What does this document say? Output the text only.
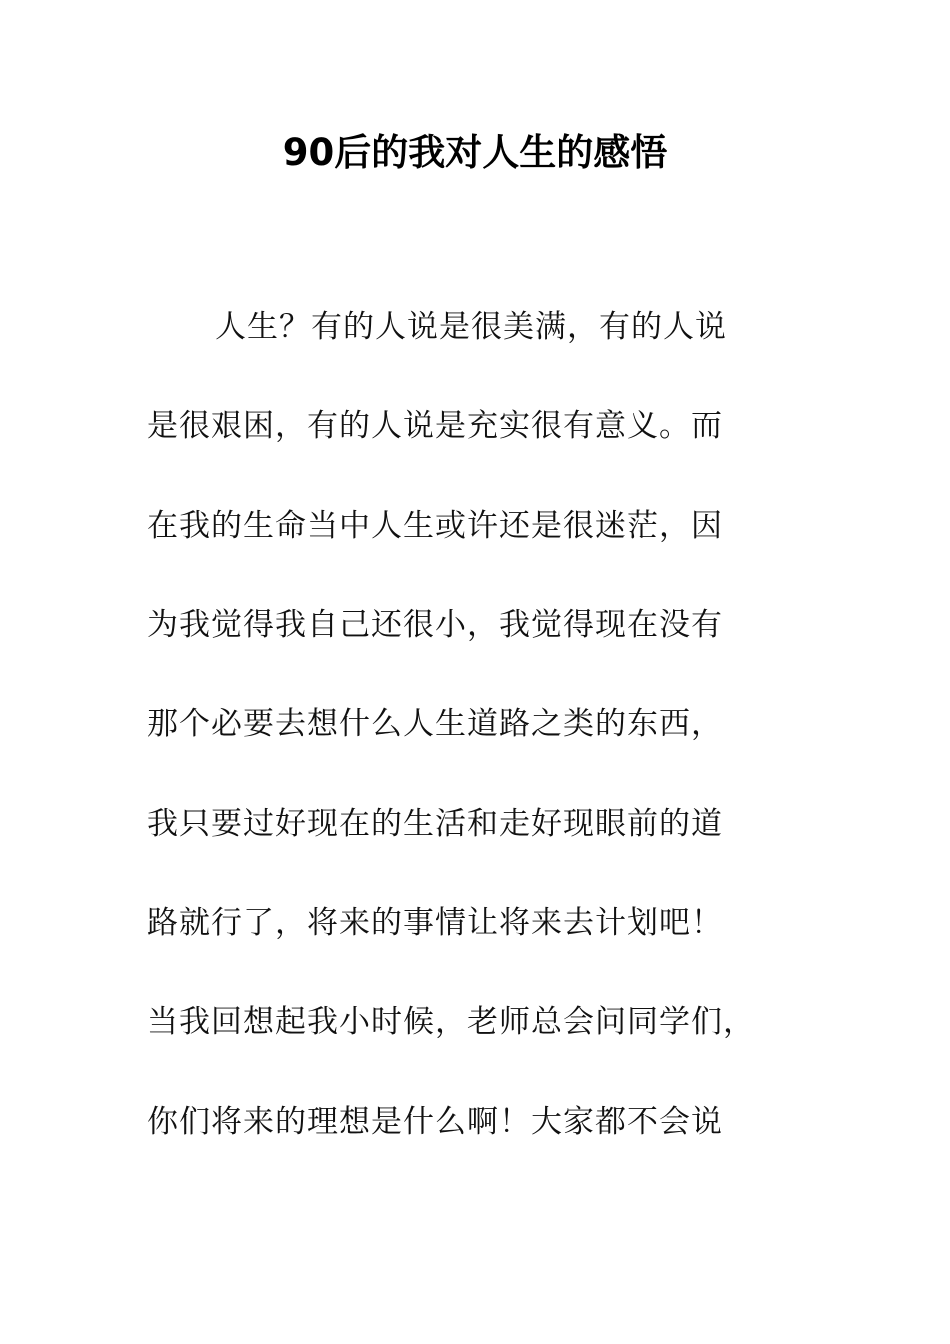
90后的我对人生的感悟
人生？有的人说是很美满，有的人说
是很艰困，有的人说是充实很有意义。而
在我的生命当中人生或许还是很迷茫，因
为我觉得我自己还很小，我觉得现在没有
那个必要去想什么人生道路之类的东西，
我只要过好现在的生活和走好现眼前的道
路就行了，将来的事情让将来去计划吧！
当我回想起我小时候，老师总会问同学们，
你们将来的理想是什么啊！大家都不会说
